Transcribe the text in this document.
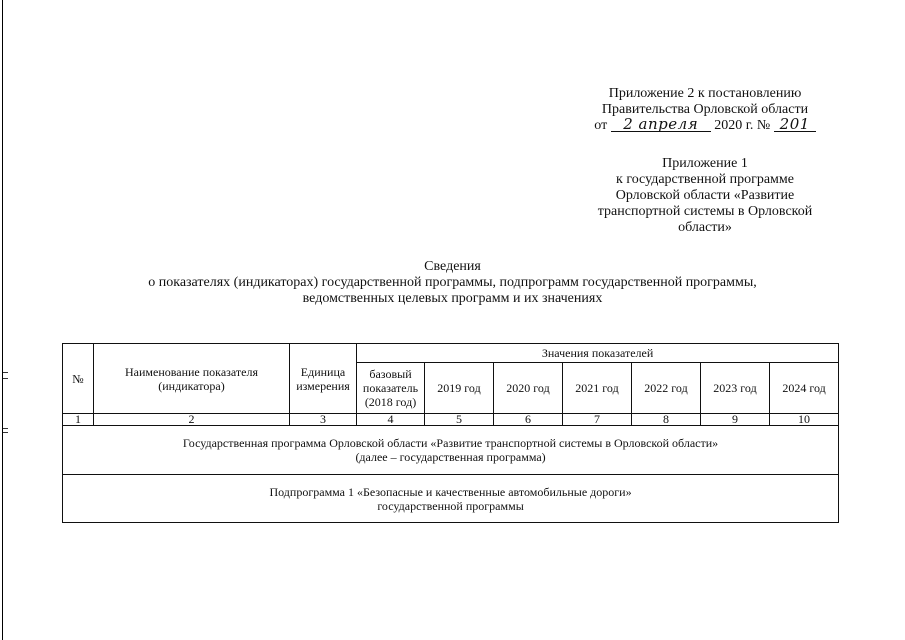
Приложение 2 к постановлению
Правительства Орловской области
от 2 апреля 2020 г. № 201
Приложение 1
к государственной программе
Орловской области «Развитие
транспортной системы в Орловской
области»
Сведения
о показателях (индикаторах) государственной программы, подпрограмм государственной программы,
ведомственных целевых программ и их значениях
№	Наименование показателя (индикатора)	Единица измерения	Значения показателей						
			базовый показатель (2018 год)	2019 год	2020 год	2021 год	2022 год	2023 год	2024 год
1	2	3	4	5	6	7	8	9	10

Государственная программа Орловской области «Развитие транспортной системы в Орловской области»
(далее – государственная программа)									

Подпрограмма 1 «Безопасные и качественные автомобильные дороги»
государственной программы									
